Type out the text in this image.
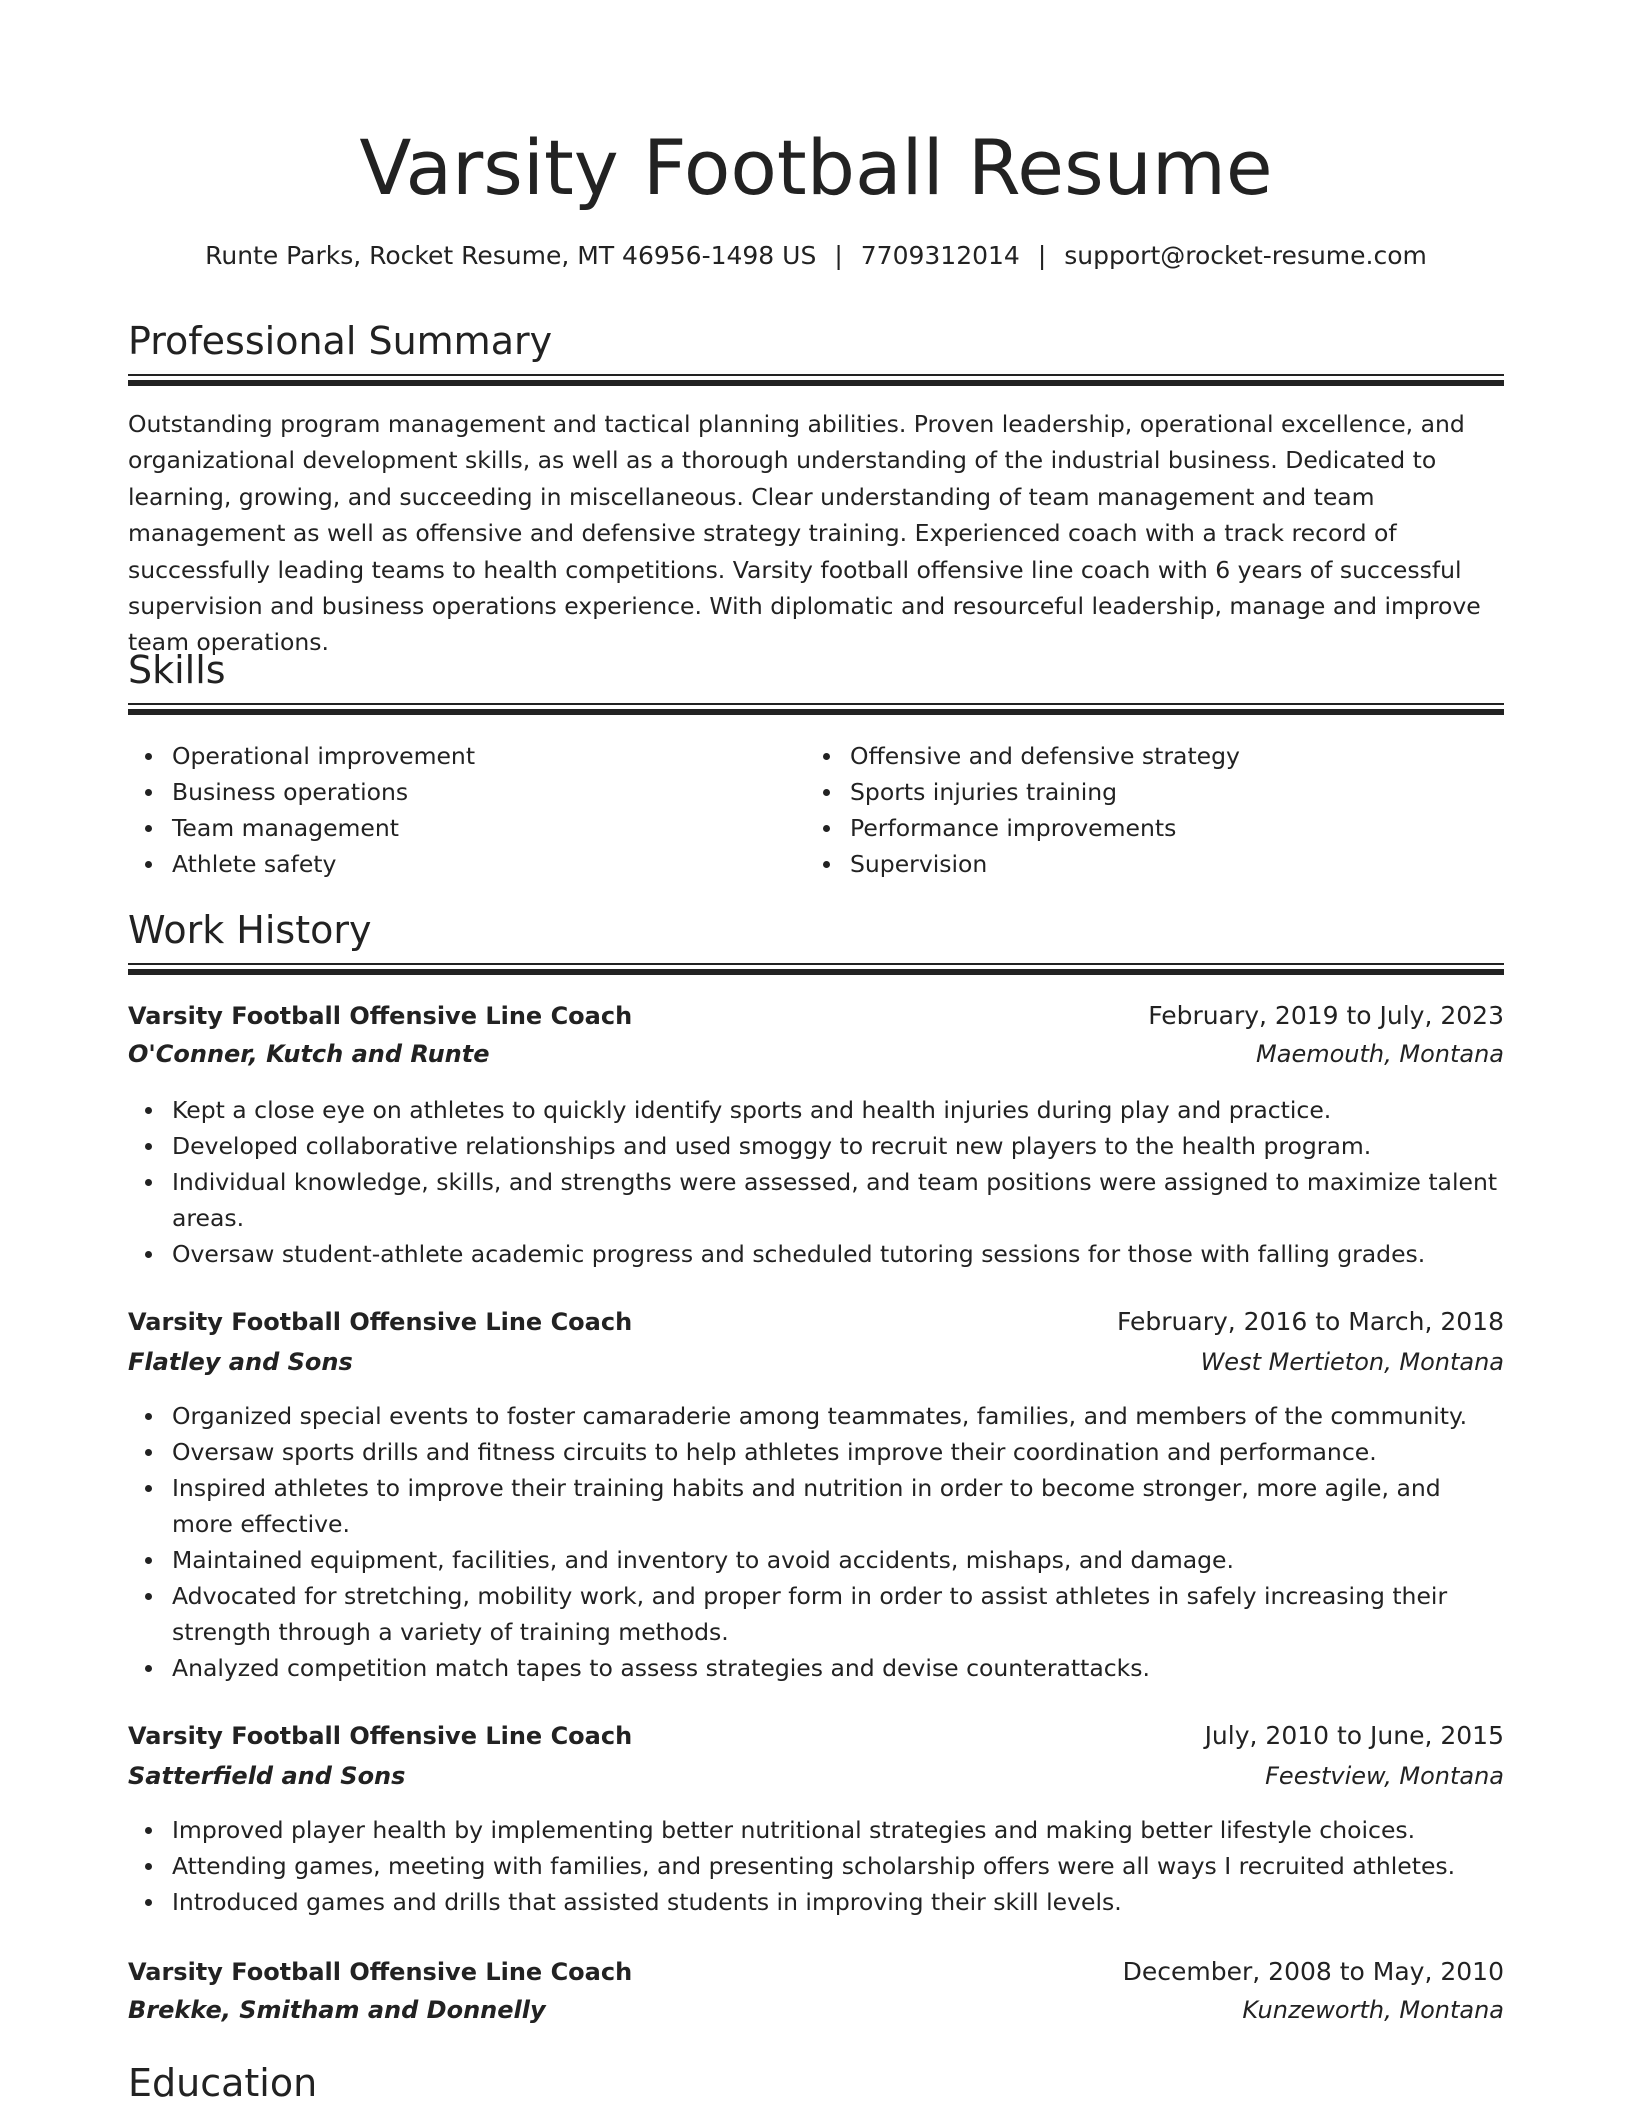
Varsity Football Resume
Runte Parks, Rocket Resume, MT 46956-1498 US | 7709312014 | support@rocket-resume.com
Professional Summary

Outstanding program management and tactical planning abilities. Proven leadership, operational excellence, and organizational development skills, as well as a thorough understanding of the industrial business. Dedicated to learning, growing, and succeeding in miscellaneous. Clear understanding of team management and team management as well as offensive and defensive strategy training. Experienced coach with a track record of successfully leading teams to health competitions. Varsity football offensive line coach with 6 years of successful supervision and business operations experience. With diplomatic and resourceful leadership, manage and improve team operations.

Skills
Operational improvement
Business operations
Team management
Athlete safety
Offensive and defensive strategy
Sports injuries training
Performance improvements
Supervision
Work History
Varsity Football Offensive Line Coach	February, 2019 to July, 2023
O'Conner, Kutch and Runte	Maemouth, Montana
Kept a close eye on athletes to quickly identify sports and health injuries during play and practice.
Developed collaborative relationships and used smoggy to recruit new players to the health program.
Individual knowledge, skills, and strengths were assessed, and team positions were assigned to maximize talent areas.
Oversaw student-athlete academic progress and scheduled tutoring sessions for those with falling grades.
Varsity Football Offensive Line Coach	February, 2016 to March, 2018
Flatley and Sons	West Mertieton, Montana
Organized special events to foster camaraderie among teammates, families, and members of the community.
Oversaw sports drills and fitness circuits to help athletes improve their coordination and performance.
Inspired athletes to improve their training habits and nutrition in order to become stronger, more agile, and more effective.
Maintained equipment, facilities, and inventory to avoid accidents, mishaps, and damage.
Advocated for stretching, mobility work, and proper form in order to assist athletes in safely increasing their strength through a variety of training methods.
Analyzed competition match tapes to assess strategies and devise counterattacks.
Varsity Football Offensive Line Coach	July, 2010 to June, 2015
Satterfield and Sons	Feestview, Montana
Improved player health by implementing better nutritional strategies and making better lifestyle choices.
Attending games, meeting with families, and presenting scholarship offers were all ways I recruited athletes.
Introduced games and drills that assisted students in improving their skill levels.
Varsity Football Offensive Line Coach	December, 2008 to May, 2010
Brekke, Smitham and Donnelly	Kunzeworth, Montana
Education
